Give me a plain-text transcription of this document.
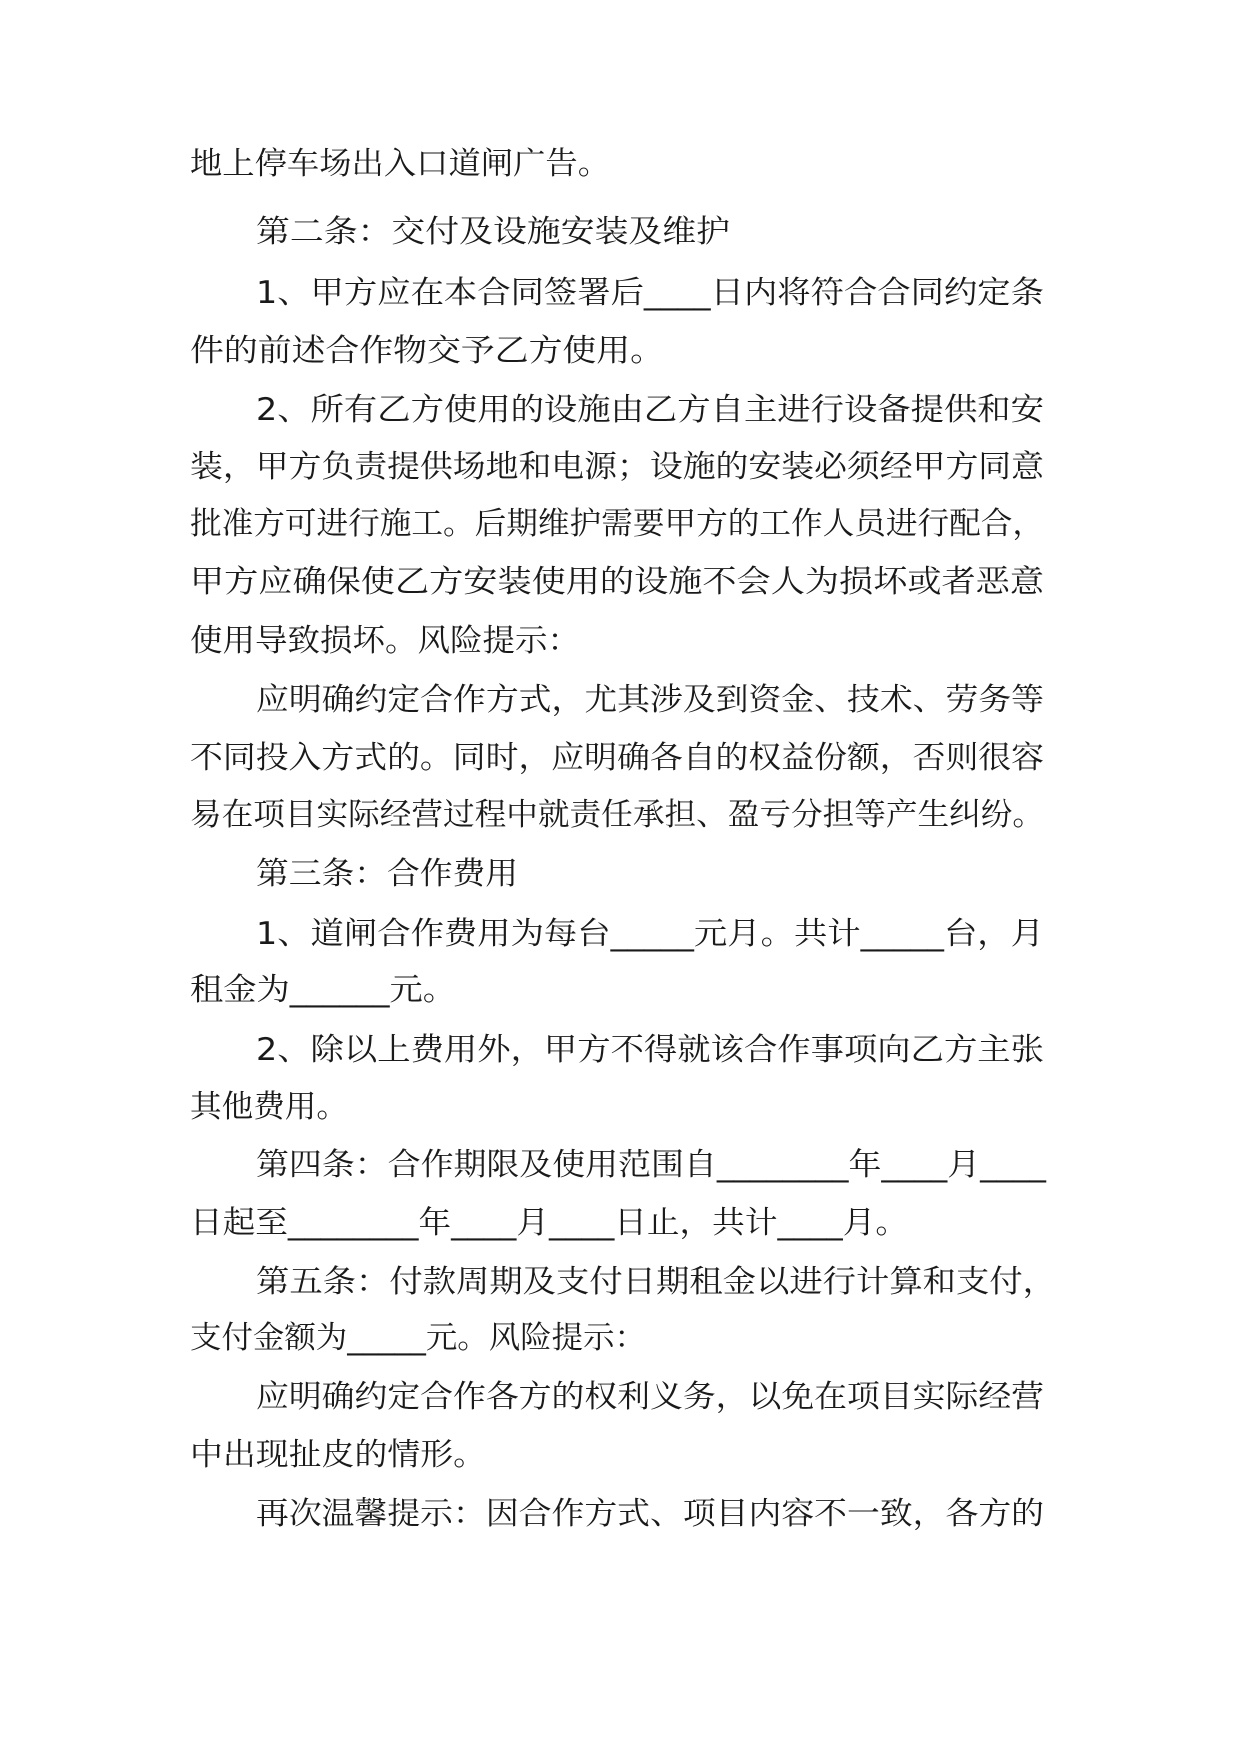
地上停车场出入口道闸广告。

第二条：交付及设施安装及维护

1、甲方应在本合同签署后____日内将符合合同约定条

件的前述合作物交予乙方使用。

2、所有乙方使用的设施由乙方自主进行设备提供和安

装，甲方负责提供场地和电源；设施的安装必须经甲方同意

批准方可进行施工。后期维护需要甲方的工作人员进行配合，

甲方应确保使乙方安装使用的设施不会人为损坏或者恶意

使用导致损坏。风险提示：

应明确约定合作方式，尤其涉及到资金、技术、劳务等

不同投入方式的。同时，应明确各自的权益份额，否则很容

易在项目实际经营过程中就责任承担、盈亏分担等产生纠纷。

第三条：合作费用

1、道闸合作费用为每台_____元月。共计_____台，月

租金为______元。

2、除以上费用外，甲方不得就该合作事项向乙方主张

其他费用。

第四条：合作期限及使用范围自________年____月____

日起至________年____月____日止，共计____月。

第五条：付款周期及支付日期租金以进行计算和支付，

支付金额为_____元。风险提示：

应明确约定合作各方的权利义务，以免在项目实际经营

中出现扯皮的情形。

再次温馨提示：因合作方式、项目内容不一致，各方的
